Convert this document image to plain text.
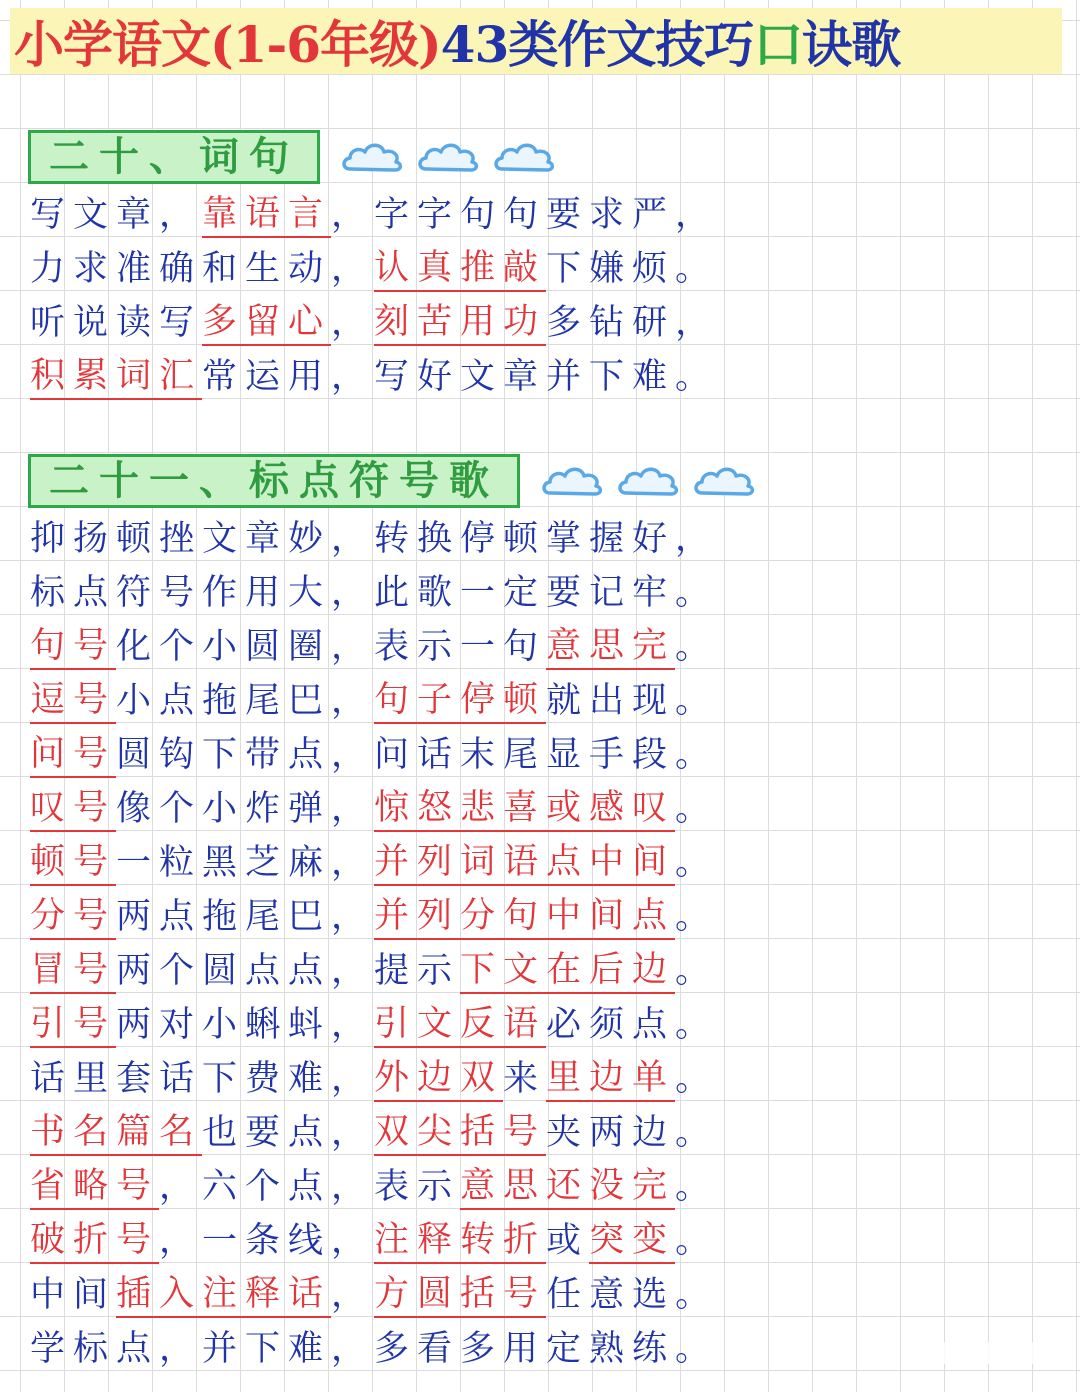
小学语文(1-6年级) 43类作文技巧 口 诀歌
二十、词句
写文章， 靠语言 ，字字句句要求严，
力求准确和生动， 认真推敲 下嫌烦。
听说读写 多留心 ， 刻苦用功 多钻研，
积累词汇 常运用，写好文章并下难。
二十一、标点符号歌
抑扬顿挫文章妙，转换停顿掌握好，
标点符号作用大，此歌一定要记牢。
句号 化个小圆圈，表示一句 意思完 。
逗号 小点拖尾巴， 句子停顿 就出现。
问号 圆钩下带点，问话末尾显手段。
叹号 像个小炸弹， 惊怒悲喜或感叹 。
顿号 一粒黑芝麻， 并列词语点中间 。
分号 两点拖尾巴， 并列分句中间点 。
冒号 两个圆点点，提示 下文在后边 。
引号 两对小蝌蚪， 引文反语 必须点。
话里套话下费难， 外边双 来 里边单 。
书名篇名 也要点， 双尖括号 夹两边。
省略号 ，六个点，表示 意思还没完 。
破折号 ，一条线， 注释转折 或 突变 。
中间 插入注释话 ， 方圆括号 任意选。
学标点，并下难，多看多用定熟练。
